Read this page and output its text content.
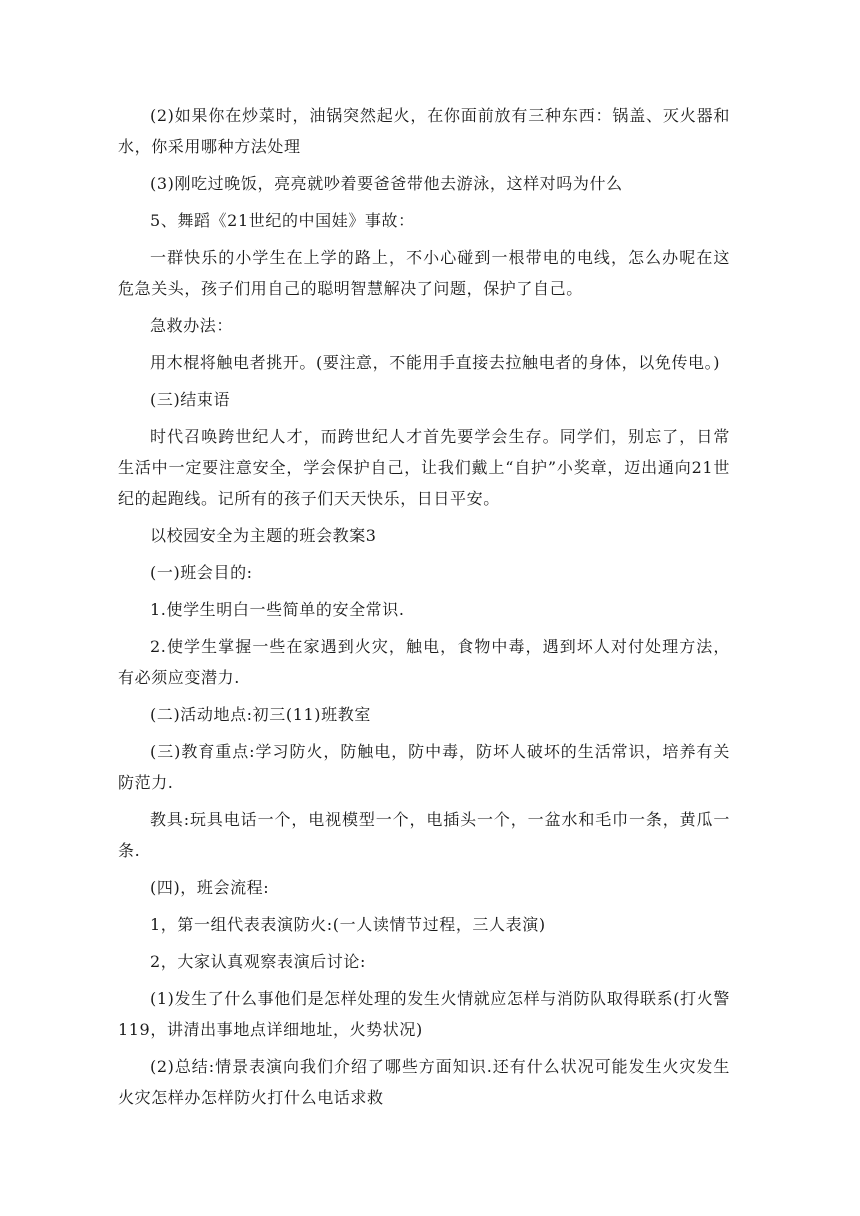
(2)如果你在炒菜时，油锅突然起火，在你面前放有三种东西：锅盖、灭火器和水，你采用哪种方法处理

(3)刚吃过晚饭，亮亮就吵着要爸爸带他去游泳，这样对吗为什么

5、舞蹈《21世纪的中国娃》事故：

一群快乐的小学生在上学的路上，不小心碰到一根带电的电线，怎么办呢在这危急关头，孩子们用自己的聪明智慧解决了问题，保护了自己。

急救办法：

用木棍将触电者挑开。(要注意，不能用手直接去拉触电者的身体，以免传电。)

(三)结束语

时代召唤跨世纪人才，而跨世纪人才首先要学会生存。同学们，别忘了，日常生活中一定要注意安全，学会保护自己，让我们戴上“自护”小奖章，迈出通向21世纪的起跑线。记所有的孩子们天天快乐，日日平安。

以校园安全为主题的班会教案3

(一)班会目的:

1.使学生明白一些简单的安全常识.

2.使学生掌握一些在家遇到火灾，触电，食物中毒，遇到坏人对付处理方法，有必须应变潜力.

(二)活动地点:初三(11)班教室

(三)教育重点:学习防火，防触电，防中毒，防坏人破坏的生活常识，培养有关防范力.

教具:玩具电话一个，电视模型一个，电插头一个，一盆水和毛巾一条，黄瓜一条.

(四)，班会流程:

1，第一组代表表演防火:(一人读情节过程，三人表演)

2，大家认真观察表演后讨论:

(1)发生了什么事他们是怎样处理的发生火情就应怎样与消防队取得联系(打火警119，讲清出事地点详细地址，火势状况)

(2)总结:情景表演向我们介绍了哪些方面知识.还有什么状况可能发生火灾发生火灾怎样办怎样防火打什么电话求救
